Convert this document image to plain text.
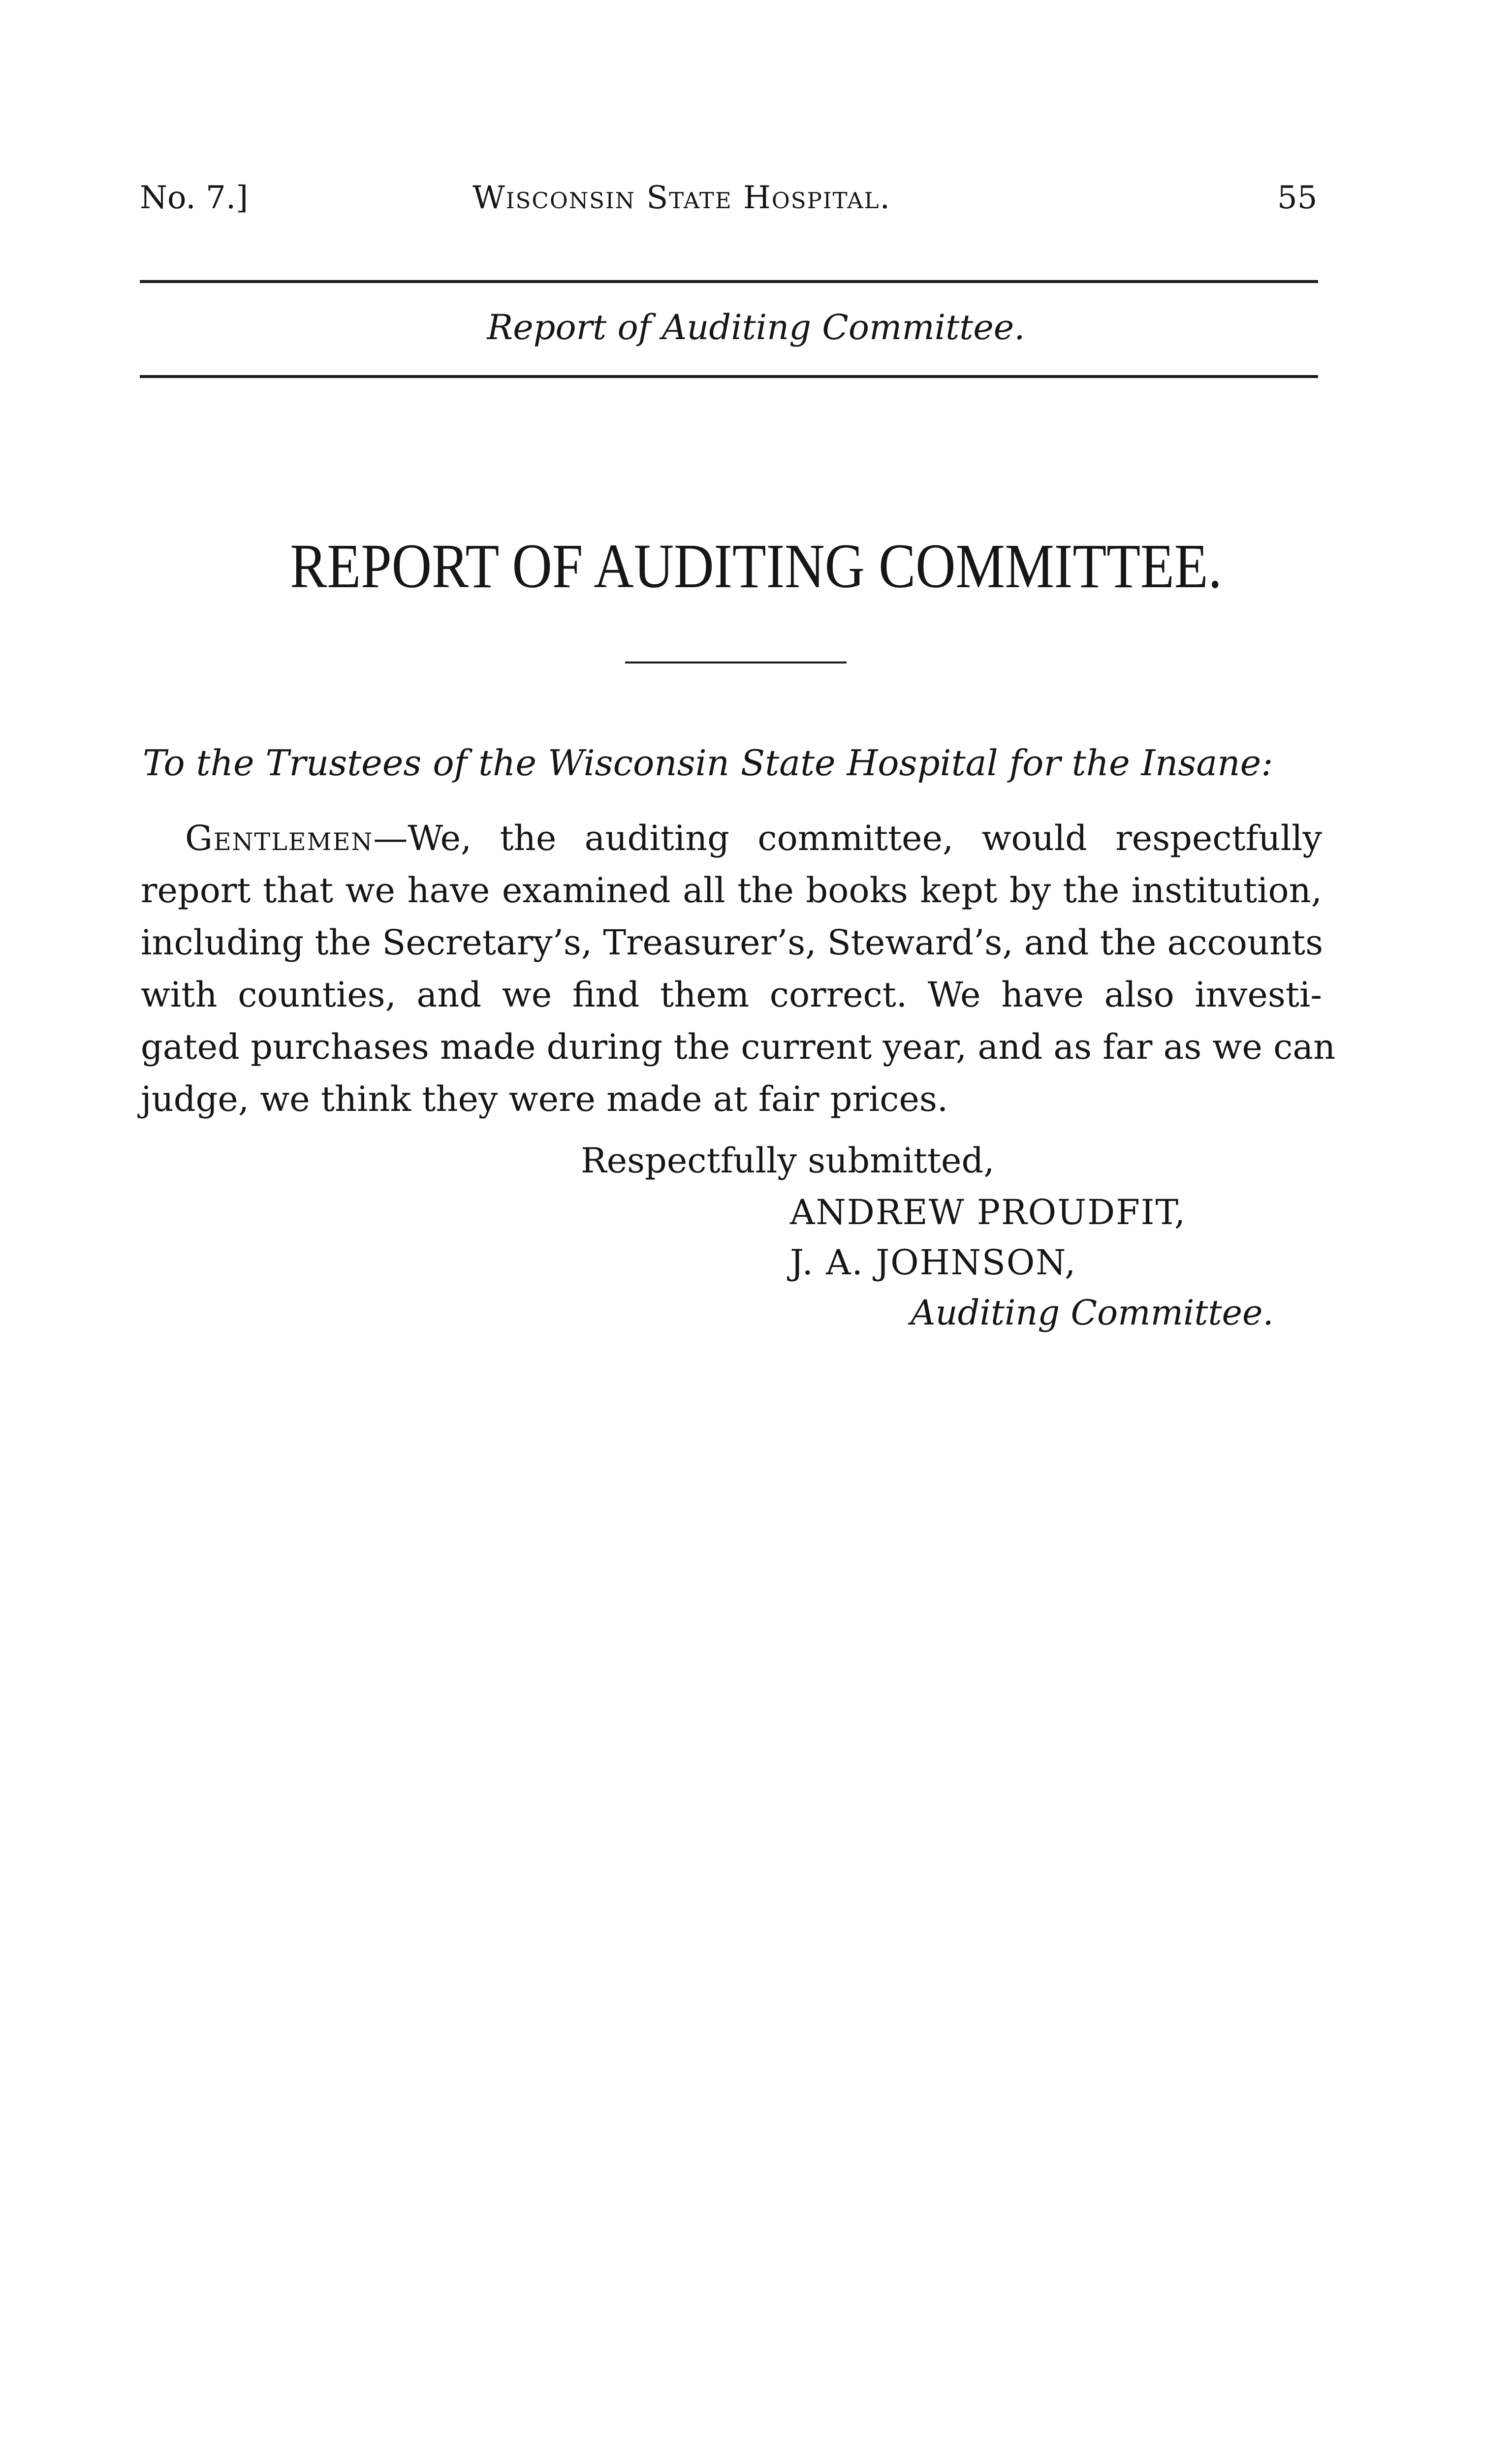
No. 7.]	Wisconsin State Hospital.	55
Report of Auditing Committee.
REPORT OF AUDITING COMMITTEE.
To the Trustees of the Wisconsin State Hospital for the Insane:
Gentlemen—We, the auditing committee, would respectfully
report that we have examined all the books kept by the institution,
including the Secretary’s, Treasurer’s, Steward’s, and the accounts
with counties, and we find them correct. We have also investi-
gated purchases made during the current year, and as far as we can
judge, we think they were made at fair prices.
Respectfully submitted,
ANDREW PROUDFIT,
J. A. JOHNSON,
Auditing Committee.
